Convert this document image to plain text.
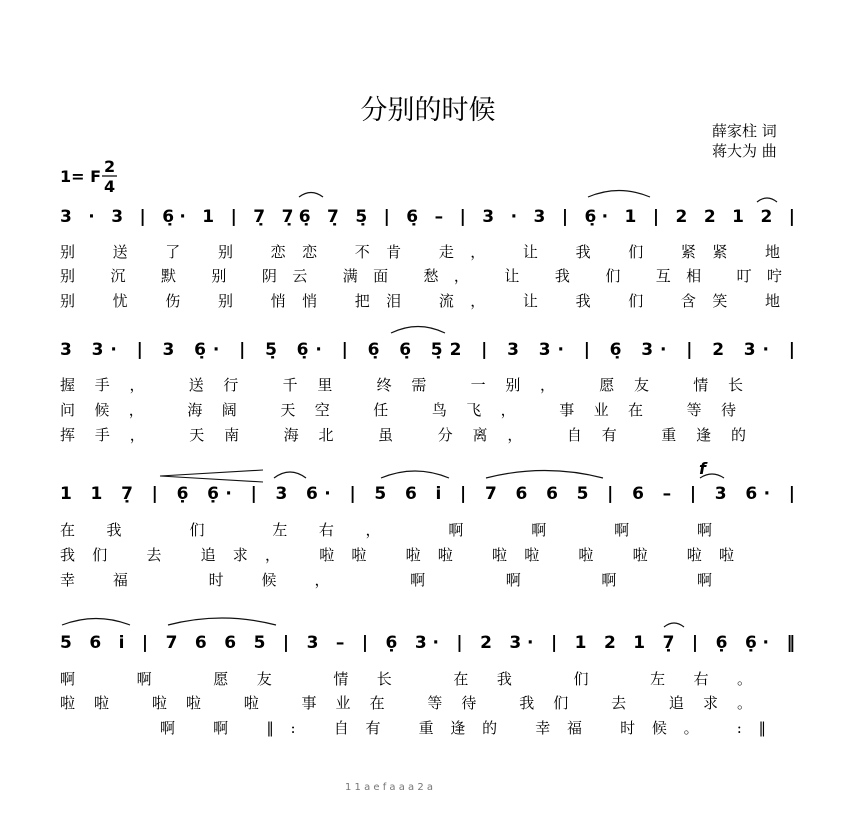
分别的时候
薛家柱 词
蒋大为 曲
1= F
2
4
3 · 3 | 6̣· 1 | 7̣ 7̣6̣ 7̣ 5̣ | 6̣ – | 3 · 3 | 6̣· 1 | 2 2 1 2 |
别 送 了 别 恋恋 不肯 走， 让 我 们 紧紧 地
别 沉 默 别 阴云 满面 愁， 让 我 们 互相 叮咛
别 忧 伤 别 悄悄 把泪 流， 让 我 们 含笑 地
3 3· | 3 6̣· | 5̣ 6̣· | 6̣ 6̣ 5̣2 | 3 3· | 6̣ 3· | 2 3· |
握手， 送行 千里 终需 一别， 愿友 情长
问候， 海阔 天空 任 鸟飞， 事业在 等待
挥手， 天南 海北 虽 分离， 自有 重逢的
f
1 1 7̣ | 6̣ 6̣· | 3 6· | 5 6 i | 7 6 6 5 | 6 – | 3 6· |
在我 们 左右， 啊 啊 啊 啊
我们 去 追求， 啦啦 啦啦 啦啦 啦 啦 啦啦
幸福 时候， 啊 啊 啊 啊
5 6 i | 7 6 6 5 | 3 – | 6̣ 3· | 2 3· | 1 2 1 7̣ | 6̣ 6̣· ‖
啊 啊 愿友 情长 在我 们 左右。
啦啦 啦啦 啦 事业在 等待 我们 去 追求。
啊 啊 ‖: 自有 重逢的 幸福 时候。 :‖
1 1 a e f a a a 2 a
